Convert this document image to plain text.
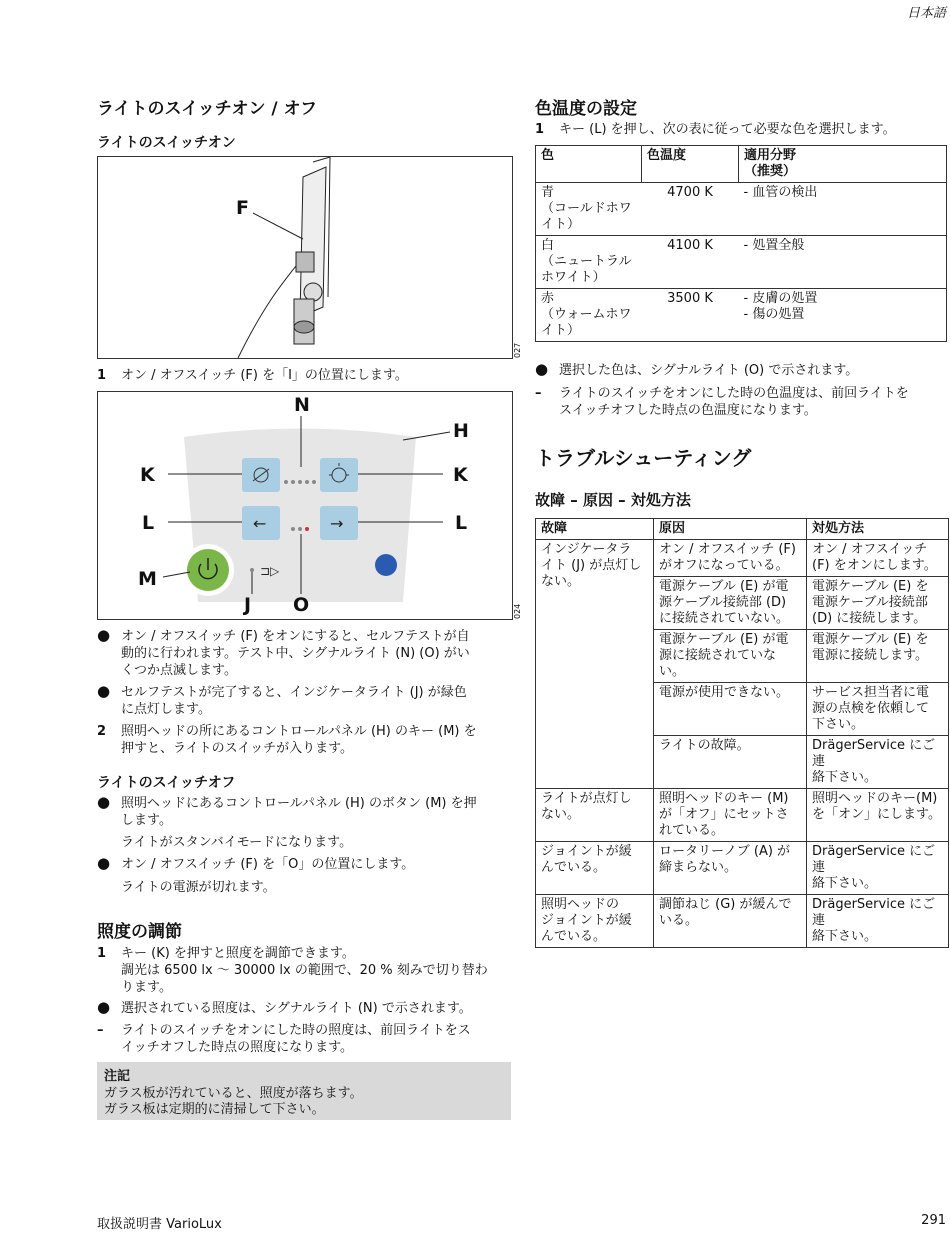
日本語
ライトのスイッチオン / オフ
ライトのスイッチオン
F
027
1 オン / オフスイッチ (F) を「I」の位置にします。
←	→
⊐▷
N
H
K	K
L	L
M
J O	024
● オン / オフスイッチ (F) をオンにすると、セルフテストが自
動的に行われます。テスト中、シグナルライト (N) (O) がい
くつか点滅します。
● セルフテストが完了すると、インジケータライト (J) が緑色
に点灯します。
2 照明ヘッドの所にあるコントロールパネル (H) のキー (M) を
押すと、ライトのスイッチが入ります。
ライトのスイッチオフ
● 照明ヘッドにあるコントロールパネル (H) のボタン (M) を押
します。
ライトがスタンバイモードになります。
● オン / オフスイッチ (F) を「O」の位置にします。
ライトの電源が切れます。
照度の調節
1 キー (K) を押すと照度を調節できます。
調光は 6500 lx 〜 30000 lx の範囲で、20 % 刻みで切り替わ
ります。
● 選択されている照度は、シグナルライト (N) で示されます。
– ライトのスイッチをオンにした時の照度は、前回ライトをス
イッチオフした時点の照度になります。
注記
ガラス板が汚れていると、照度が落ちます。
ガラス板は定期的に清掃して下さい。
色温度の設定
1 キー (L) を押し、次の表に従って必要な色を選択します。
色	色温度	適用分野
（推奨）
青
（コールドホワ
イト）	4700 K	- 血管の検出
白
（ニュートラル
ホワイト）	4100 K	- 処置全般
赤
（ウォームホワ
イト）	3500 K	- 皮膚の処置
- 傷の処置
● 選択した色は、シグナルライト (O) で示されます。
– ライトのスイッチをオンにした時の色温度は、前回ライトを
スイッチオフした時点の色温度になります。
トラブルシューティング
故障 – 原因 – 対処方法
故障	原因	対処方法
インジケータラ
イト (J) が点灯し
ない。	オン / オフスイッチ (F)
がオフになっている。	オン / オフスイッチ
(F) をオンにします。
	電源ケーブル (E) が電
源ケーブル接続部 (D)
に接続されていない。	電源ケーブル (E) を
電源ケーブル接続部
(D) に接続します。
	電源ケーブル (E) が電
源に接続されていな
い。	電源ケーブル (E) を
電源に接続します。
	電源が使用できない。	サービス担当者に電
源の点検を依頼して
下さい。
	ライトの故障。	DrägerService にご連
絡下さい。
ライトが点灯し
ない。	照明ヘッドのキー (M)
が「オフ」にセットさ
れている。	照明ヘッドのキー(M)
を「オン」にします。
ジョイントが緩
んでいる。	ロータリーノブ (A) が
締まらない。	DrägerService にご連
絡下さい。
照明ヘッドの
ジョイントが緩
んでいる。	調節ねじ (G) が緩んで
いる。	DrägerService にご連
絡下さい。
取扱説明書 VarioLux	291
